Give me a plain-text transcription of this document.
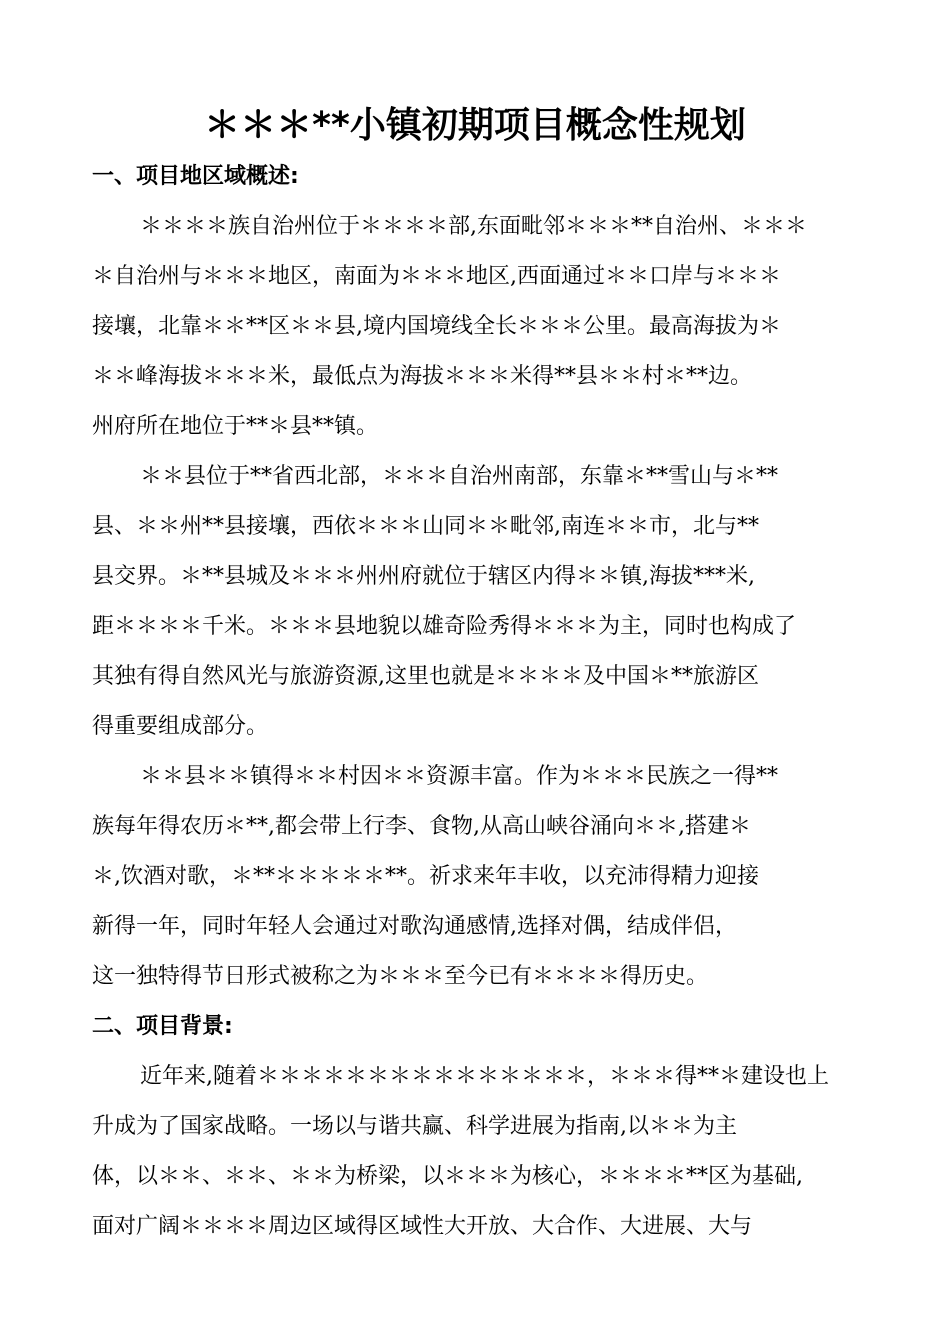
＊＊＊**小镇初期项目概念性规划
一、项目地区域概述:
＊＊＊＊族自治州位于＊＊＊＊部,东面毗邻＊＊＊**自治州、＊＊＊
＊自治州与＊＊＊地区，南面为＊＊＊地区,西面通过＊＊口岸与＊＊＊
接壤，北靠＊＊**区＊＊县,境内国境线全长＊＊＊公里。最高海拔为＊
＊＊峰海拔＊＊＊米，最低点为海拔＊＊＊米得**县＊＊村＊**边。
州府所在地位于**＊县**镇。
＊＊县位于**省西北部，＊＊＊自治州南部，东靠＊**雪山与＊**
县、＊＊州**县接壤，西依＊＊＊山同＊＊毗邻,南连＊＊市，北与**
县交界。＊**县城及＊＊＊州州府就位于辖区内得＊＊镇,海拔***米,
距＊＊＊＊千米。＊＊＊县地貌以雄奇险秀得＊＊＊为主，同时也构成了
其独有得自然风光与旅游资源,这里也就是＊＊＊＊及中国＊**旅游区
得重要组成部分。
＊＊县＊＊镇得＊＊村因＊＊资源丰富。作为＊＊＊民族之一得**
族每年得农历＊**,都会带上行李、食物,从高山峡谷涌向＊＊,搭建＊
＊,饮酒对歌，＊**＊＊＊＊＊**。祈求来年丰收，以充沛得精力迎接
新得一年，同时年轻人会通过对歌沟通感情,选择对偶，结成伴侣，
这一独特得节日形式被称之为＊＊＊至今已有＊＊＊＊得历史。
二、项目背景:
近年来,随着＊＊＊＊＊＊＊＊＊＊＊＊＊＊＊，＊＊＊得**＊建设也上
升成为了国家战略。一场以与谐共赢、科学进展为指南,以＊＊为主
体，以＊＊、＊＊、＊＊为桥梁，以＊＊＊为核心，＊＊＊＊**区为基础,
面对广阔＊＊＊＊周边区域得区域性大开放、大合作、大进展、大与
